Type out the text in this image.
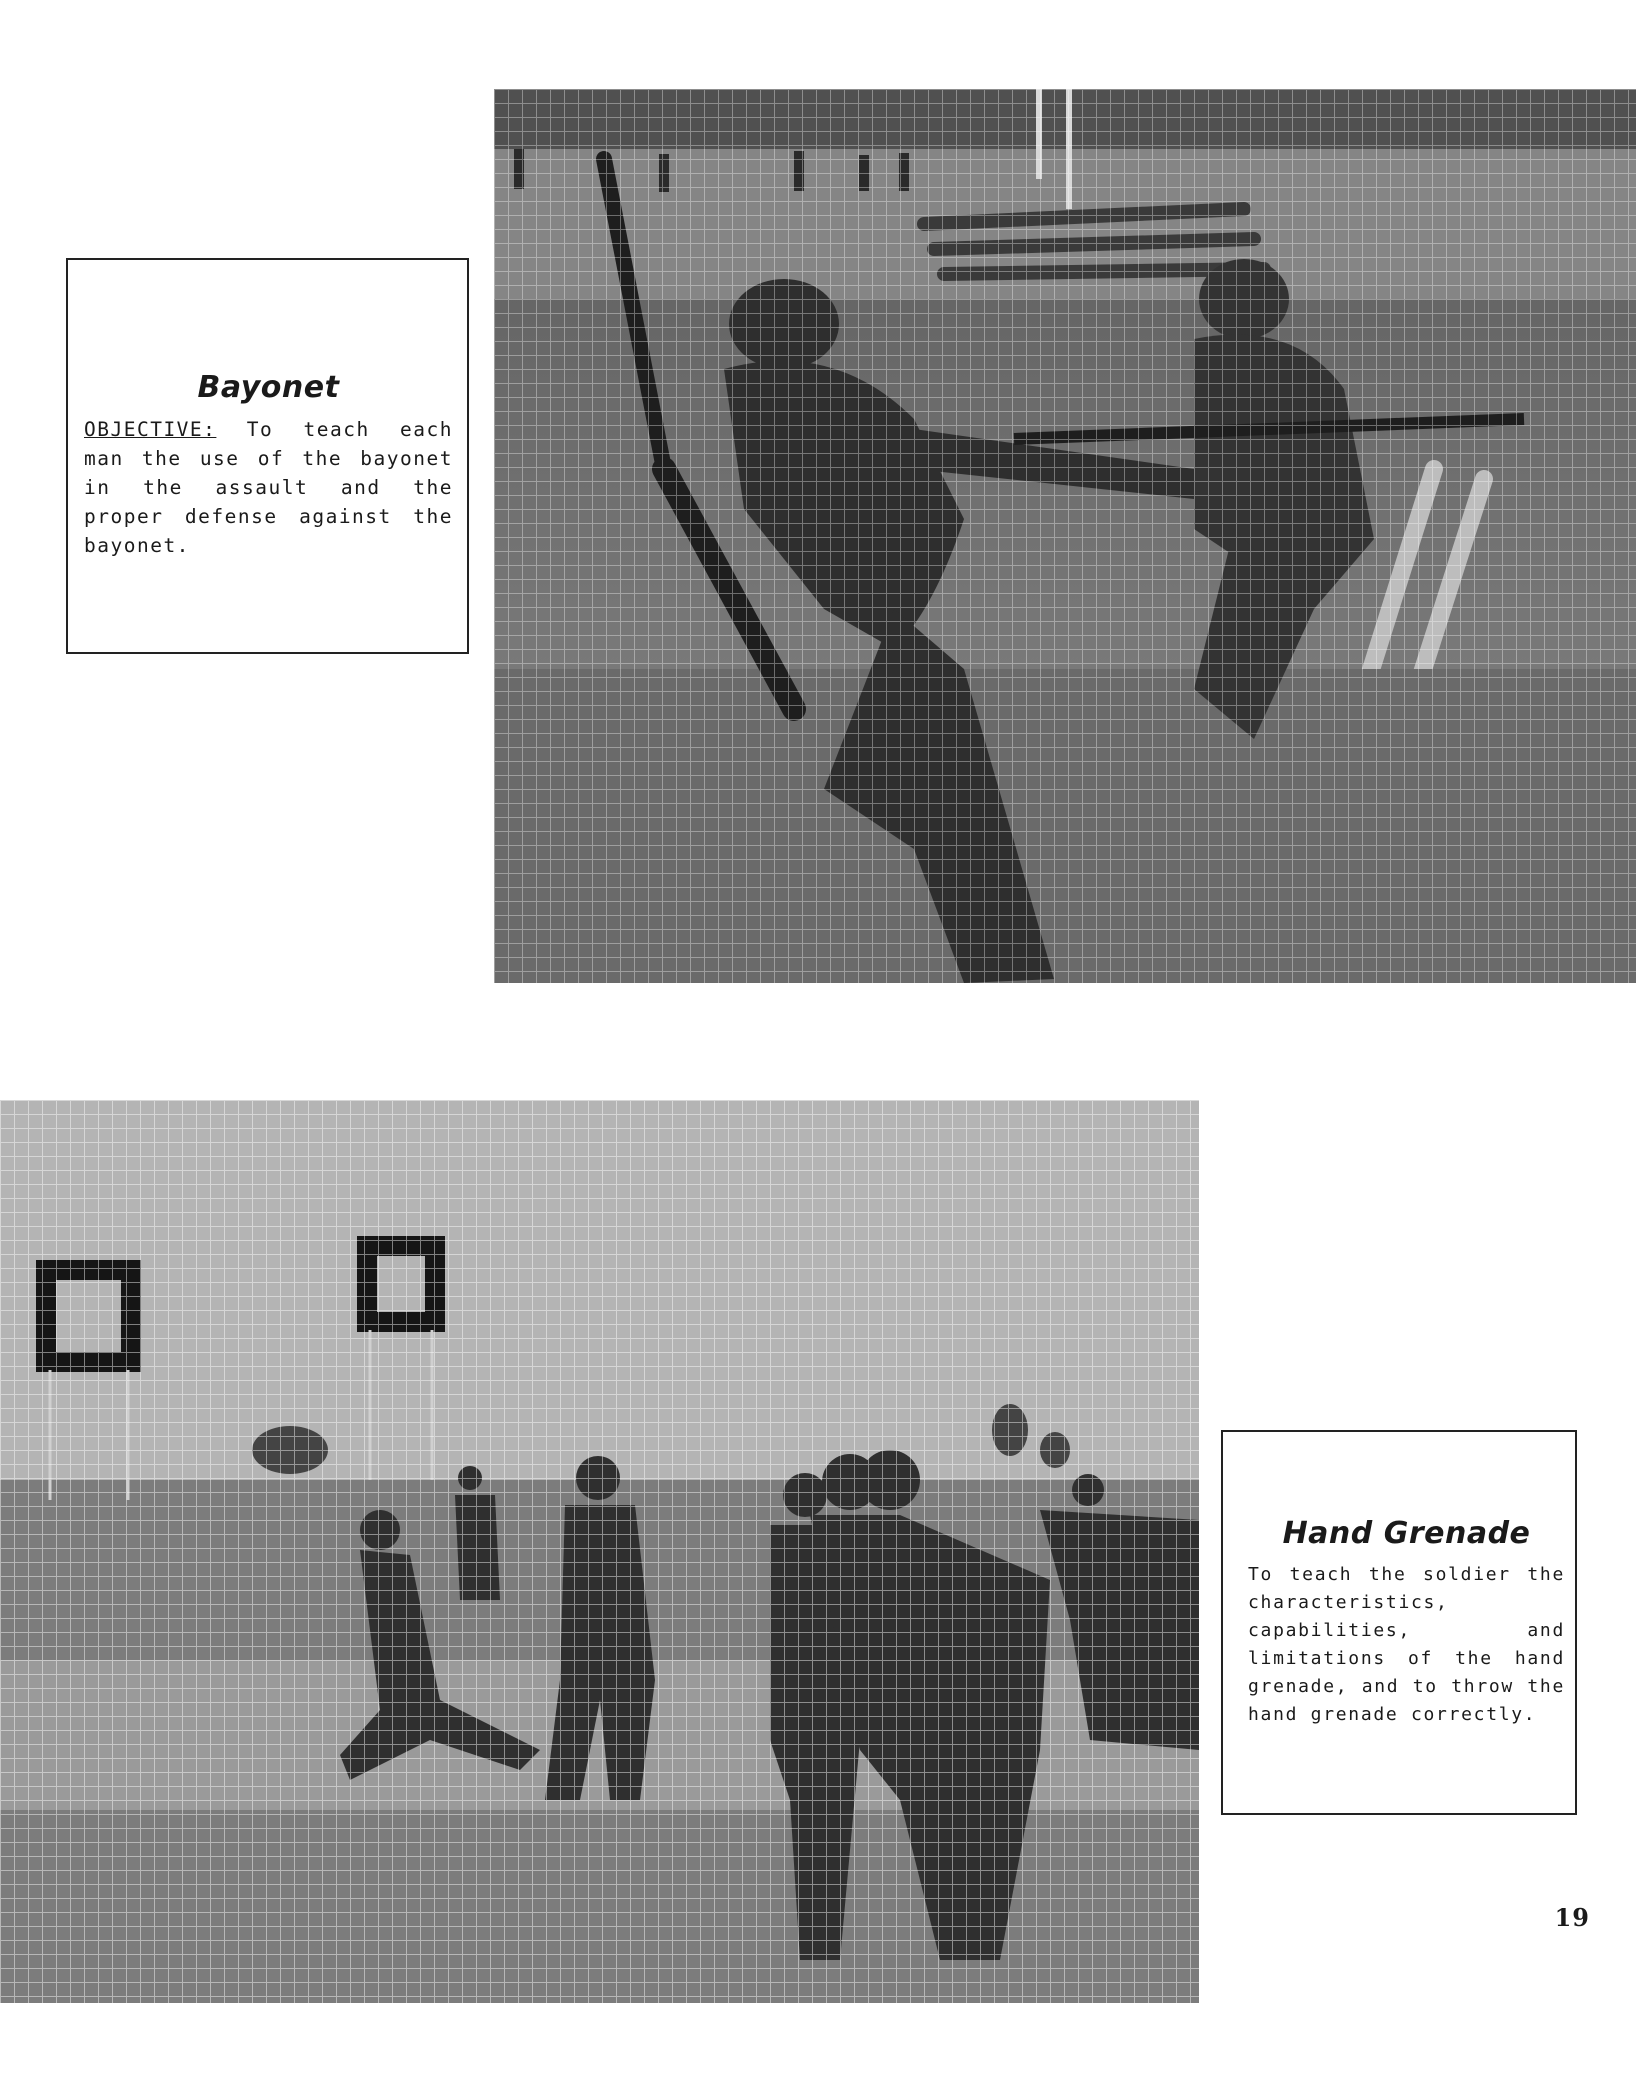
Bayonet

OBJECTIVE: To teach each man the use of the bayonet in the assault and the proper defense against the bayonet.

Hand Grenade

To teach the soldier the characteristics, capabilities, and limitations of the hand grenade, and to throw the hand grenade correctly.

19
